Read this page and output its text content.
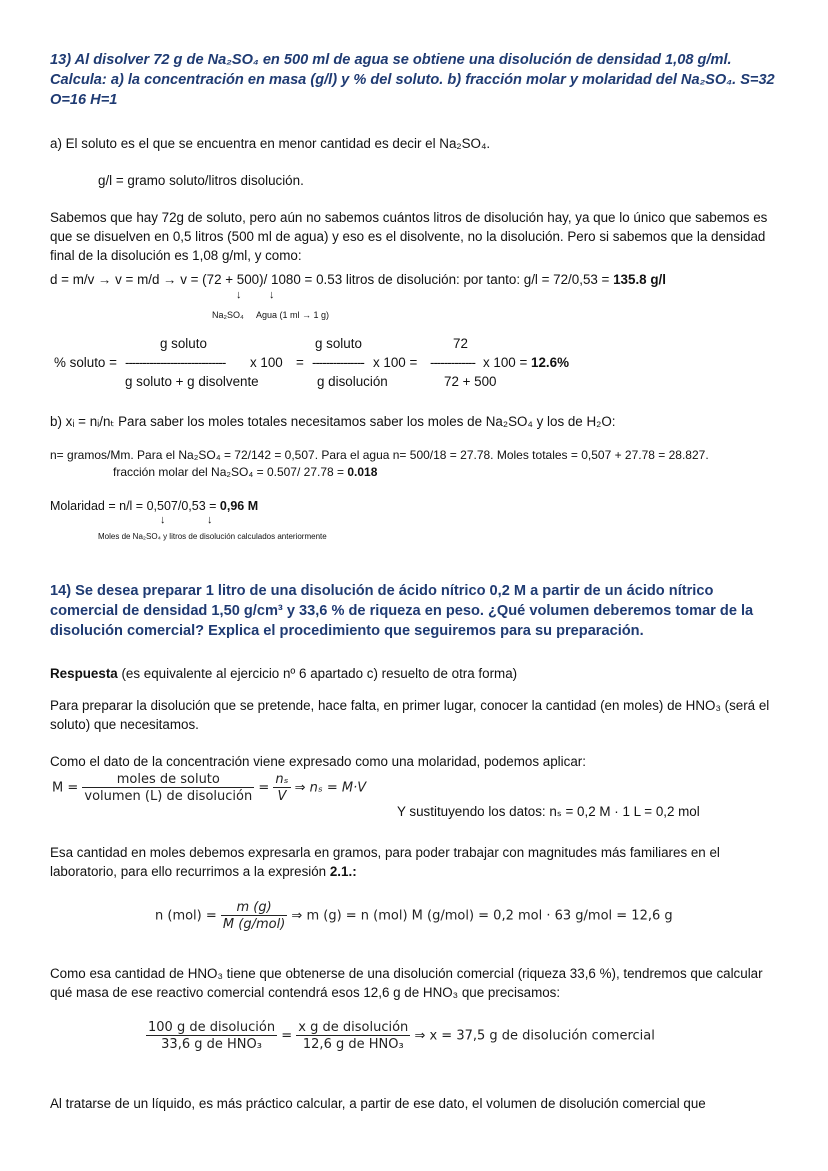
13) Al disolver 72 g de Na₂SO₄ en 500 ml de agua se obtiene una disolución de densidad 1,08 g/ml. Calcula: a) la concentración en masa (g/l) y % del soluto. b) fracción molar y molaridad del Na₂SO₄. S=32 O=16 H=1
a) El soluto es el que se encuentra en menor cantidad es decir el Na₂SO₄.
g/l = gramo soluto/litros disolución.
Sabemos que hay 72g de soluto, pero aún no sabemos cuántos litros de disolución hay, ya que lo único que sabemos es que se disuelven en 0,5 litros (500 ml de agua) y eso es el disolvente, no la disolución. Pero si sabemos que la densidad final de la disolución es 1,08 g/ml, y como:
d = m/v → v = m/d → v = (72 + 500)/ 1080 = 0.53 litros de disolución: por tanto: g/l = 72/0,53 = 135.8 g/l
↓	↓
Na₂SO₄ Agua (1 ml → 1 g)
% soluto =
g soluto
----------------------------- x 100
g soluto + g disolvente
=
g soluto
--------------- x 100 =
g disolución
72
------------- x 100 = 12.6%
72 + 500
b) xᵢ = nᵢ/nₜ Para saber los moles totales necesitamos saber los moles de Na₂SO₄ y los de H₂O:
n= gramos/Mm. Para el Na₂SO₄ = 72/142 = 0,507. Para el agua n= 500/18 = 27.78. Moles totales = 0,507 + 27.78 = 28.827.
fracción molar del Na₂SO₄ = 0.507/ 27.78 = 0.018
Molaridad = n/l = 0,507/0,53 = 0,96 M
↓	↓
Moles de Na₂SO₄ y litros de disolución calculados anteriormente
14) Se desea preparar 1 litro de una disolución de ácido nítrico 0,2 M a partir de un ácido nítrico comercial de densidad 1,50 g/cm³ y 33,6 % de riqueza en peso. ¿Qué volumen deberemos tomar de la disolución comercial? Explica el procedimiento que seguiremos para su preparación.
Respuesta (es equivalente al ejercicio nº 6 apartado c) resuelto de otra forma)
Para preparar la disolución que se pretende, hace falta, en primer lugar, conocer la cantidad (en moles) de HNO₃ (será el soluto) que necesitamos.
Como el dato de la concentración viene expresado como una molaridad, podemos aplicar:
$M = \frac{\text{moles de soluto}}{\text{volumen (L) de disolución}} = \frac{\text{nₛ}}{V}$ ⇒ nₛ = M·V
Y sustituyendo los datos: nₛ = 0,2 M · 1 L = 0,2 mol
Esa cantidad en moles debemos expresarla en gramos, para poder trabajar con magnitudes más familiares en el laboratorio, para ello recurrimos a la expresión 2.1.:
n $(mol) = \frac{m (g)}{\text{M (g/mol)}}$ ⇒ m (g) = n (mol) M (g/mol) = 0,2 mol · 63 g/mol = 12,6 g
Como esa cantidad de HNO₃ tiene que obtenerse de una disolución comercial (riqueza 33,6 %), tendremos que calcular qué masa de ese reactivo comercial contendrá esos 12,6 g de HNO₃ que precisamos:
$\frac{\text{100 g de disolución}}{\text{33,6 g de HNO₃}} = \frac{\text{x g de disolución}}{\text{12,6 g de HNO₃}}$ ⇒ x = 37,5 g de disolución comercial
Al tratarse de un líquido, es más práctico calcular, a partir de ese dato, el volumen de disolución comercial que
